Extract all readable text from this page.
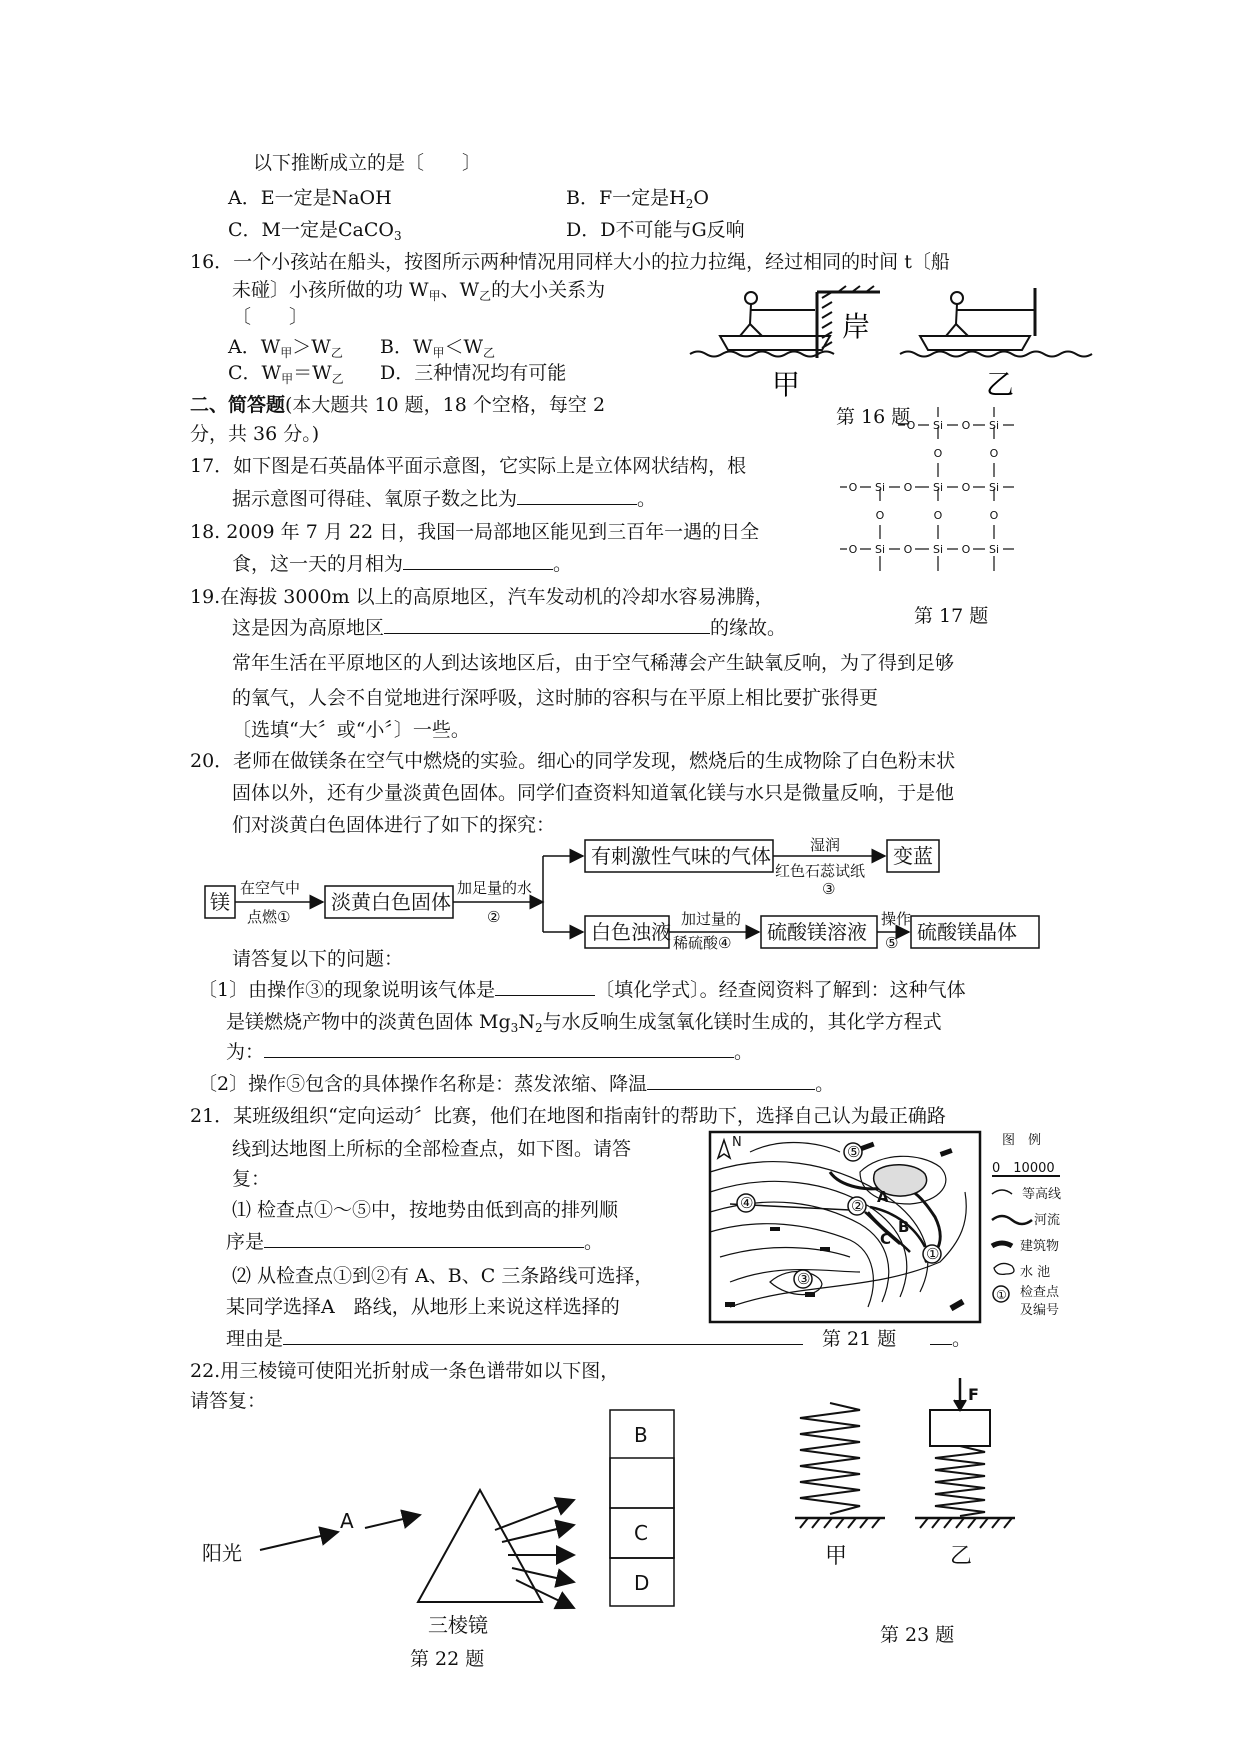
以下推断成立的是〔　　〕
A．E一定是NaOH	B．F一定是$H_2O$
C．M一定是CaCO$_3$	D．D不可能与G反响
16．一个小孩站在船头，按图所示两种情况用同样大小的拉力拉绳，经过相同的时间 t〔船
未碰〕小孩所做的功 $W_甲$、$W_乙$的大小关系为
〔　　〕
A．$W_甲>W_乙$ B．$W_甲<W_乙$
C．$W_甲=W_乙$ D．三种情况均有可能
岸
甲	乙
第 16 题
二、简答题(本大题共 10 题，18 个空格，每空 2
分，共 36 分。)
17．如下图是石英晶体平面示意图，它实际上是立体网状结构，根
据示意图可得硅、氧原子数之比为	。
Si O
O
O
Si
O
Si O
O
O
Si O
O
Si
O
Si O
O	Si O Si
第 17 题
18. 2009 年 7 月 22 日，我国一局部地区能见到三百年一遇的日全
食，这一天的月相为	。
19.在海拔 3000m 以上的高原地区，汽车发动机的冷却水容易沸腾，
这是因为高原地区	的缘故。
常年生活在平原地区的人到达该地区后，由于空气稀薄会产生缺氧反响，为了得到足够
的氧气，人会不自觉地进行深呼吸，这时肺的容积与在平原上相比要扩张得更
〔选填“大〞或“小〞〕一些。
20．老师在做镁条在空气中燃烧的实验。细心的同学发现，燃烧后的生成物除了白色粉末状
固体以外，还有少量淡黄色固体。同学们查资料知道氧化镁与水只是微量反响，于是他
们对淡黄白色固体进行了如下的探究：
镁
在空气中
点燃①
淡黄白色固体
加足量的水
②
有刺激性气味的气体	湿润
红色石蕊试纸
③
变蓝
白色浊液
加过量的
稀硫酸④ 硫酸镁溶液
操作
⑤ 硫酸镁晶体
请答复以下的问题：
〔1〕由操作③的现象说明该气体是	〔填化学式〕。经查阅资料了解到：这种气体
是镁燃烧产物中的淡黄色固体 $Mg_3N_2$与水反响生成氢氧化镁时生成的，其化学方程式
为：	。
〔2〕操作⑤包含的具体操作名称是：蒸发浓缩、降温	。
21．某班级组织“定向运动〞比赛，他们在地图和指南针的帮助下，选择自己认为最正确路
线到达地图上所标的全部检查点，如下图。请答
复：
⑴ 检查点①～⑤中，按地势由低到高的排列顺
序是	。
⑵ 从检查点①到②有 A、B、C 三条路线可选择，
某同学选择A　路线，从地形上来说这样选择的
理由是	第 21 题	。
⑤
④	②
③
①
A
B
C
N	图　例
0　10000
等高线
河流
建筑物
水 池
① 检查点
及编号
22.用三棱镜可使阳光折射成一条色谱带如以下图，
请答复：
阳光
A
B
C
D
三棱镜
第 22 题
F
甲	乙
第 23 题
